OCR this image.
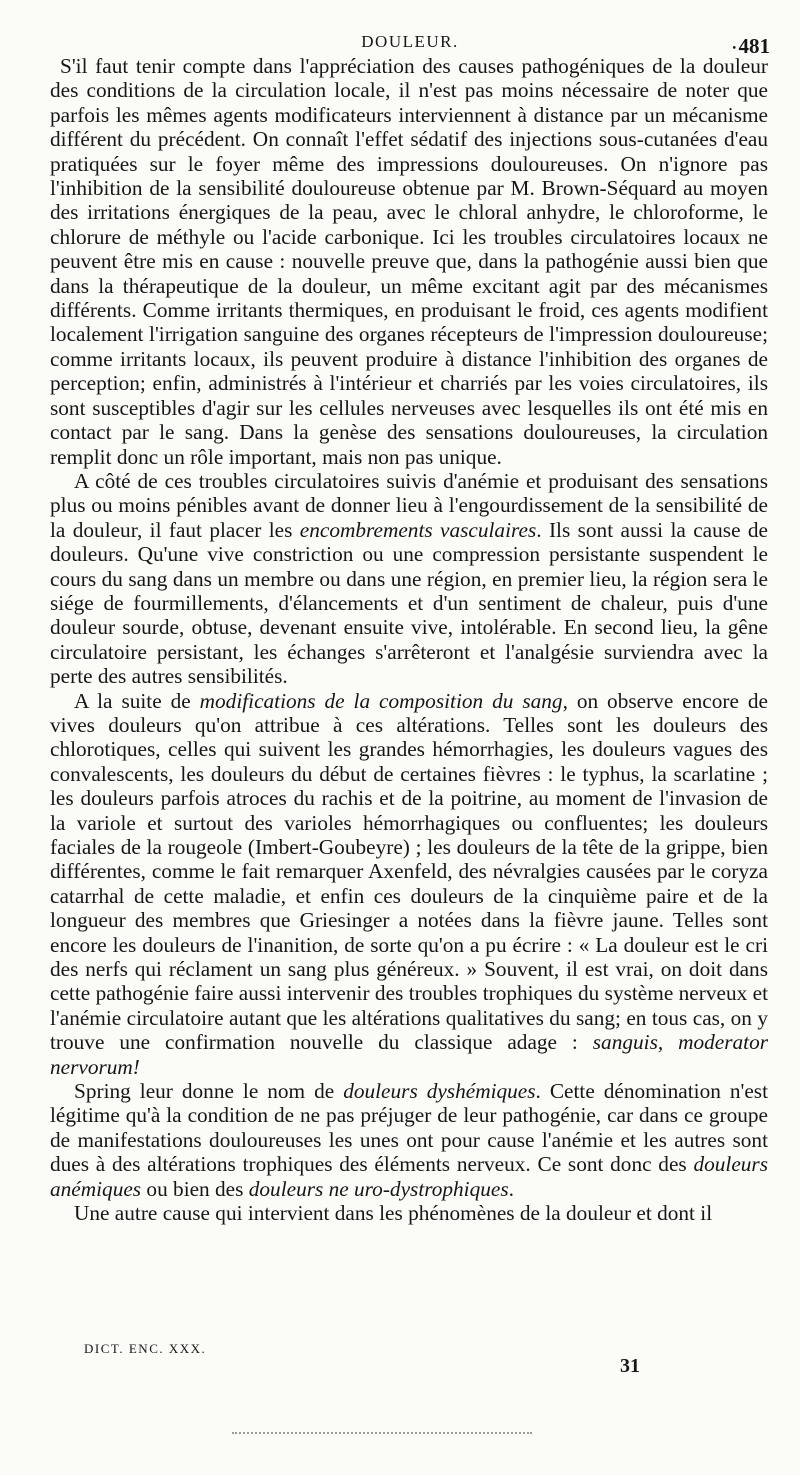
DOULEUR.
•	481

S'il faut tenir compte dans l'appréciation des causes pathogéniques de la douleur des conditions de la circulation locale, il n'est pas moins nécessaire de noter que parfois les mêmes agents modificateurs interviennent à distance par un mécanisme différent du précédent. On connaît l'effet sédatif des injections sous-cutanées d'eau pratiquées sur le foyer même des impressions douloureuses. On n'ignore pas l'inhibition de la sensibilité douloureuse obtenue par M. Brown-Séquard au moyen des irritations énergiques de la peau, avec le chloral anhydre, le chloroforme, le chlorure de méthyle ou l'acide carbonique. Ici les troubles circulatoires locaux ne peuvent être mis en cause : nouvelle preuve que, dans la pathogénie aussi bien que dans la thérapeutique de la douleur, un même excitant agit par des mécanismes différents. Comme irritants thermiques, en produisant le froid, ces agents modifient localement l'irrigation sanguine des organes récepteurs de l'impression douloureuse; comme irritants locaux, ils peuvent produire à distance l'inhibition des organes de perception; enfin, administrés à l'intérieur et charriés par les voies circulatoires, ils sont susceptibles d'agir sur les cellules nerveuses avec lesquelles ils ont été mis en contact par le sang. Dans la genèse des sensations douloureuses, la circulation remplit donc un rôle important, mais non pas unique.

A côté de ces troubles circulatoires suivis d'anémie et produisant des sensations plus ou moins pénibles avant de donner lieu à l'engourdissement de la sensibilité de la douleur, il faut placer les encombrements vasculaires. Ils sont aussi la cause de douleurs. Qu'une vive constriction ou une compression persistante suspendent le cours du sang dans un membre ou dans une région, en premier lieu, la région sera le siége de fourmillements, d'élancements et d'un sentiment de chaleur, puis d'une douleur sourde, obtuse, devenant ensuite vive, intolérable. En second lieu, la gêne circulatoire persistant, les échanges s'arrêteront et l'analgésie surviendra avec la perte des autres sensibilités.

A la suite de modifications de la composition du sang, on observe encore de vives douleurs qu'on attribue à ces altérations. Telles sont les douleurs des chlorotiques, celles qui suivent les grandes hémorrhagies, les douleurs vagues des convalescents, les douleurs du début de certaines fièvres : le typhus, la scarlatine ; les douleurs parfois atroces du rachis et de la poitrine, au moment de l'invasion de la variole et surtout des varioles hémorrhagiques ou confluentes; les douleurs faciales de la rougeole (Imbert-Goubeyre) ; les douleurs de la tête de la grippe, bien différentes, comme le fait remarquer Axenfeld, des névralgies causées par le coryza catarrhal de cette maladie, et enfin ces douleurs de la cinquième paire et de la longueur des membres que Griesinger a notées dans la fièvre jaune. Telles sont encore les douleurs de l'inanition, de sorte qu'on a pu écrire : « La douleur est le cri des nerfs qui réclament un sang plus généreux. » Souvent, il est vrai, on doit dans cette pathogénie faire aussi intervenir des troubles trophiques du système nerveux et l'anémie circulatoire autant que les altérations qualitatives du sang; en tous cas, on y trouve une confirmation nouvelle du classique adage : sanguis, moderator nervorum!

Spring leur donne le nom de douleurs dyshémiques. Cette dénomination n'est légitime qu'à la condition de ne pas préjuger de leur pathogénie, car dans ce groupe de manifestations douloureuses les unes ont pour cause l'anémie et les autres sont dues à des altérations trophiques des éléments nerveux. Ce sont donc des douleurs anémiques ou bien des douleurs ne uro-dystrophiques.

Une autre cause qui intervient dans les phénomènes de la douleur et dont il

DICT. ENC. XXX.
31
